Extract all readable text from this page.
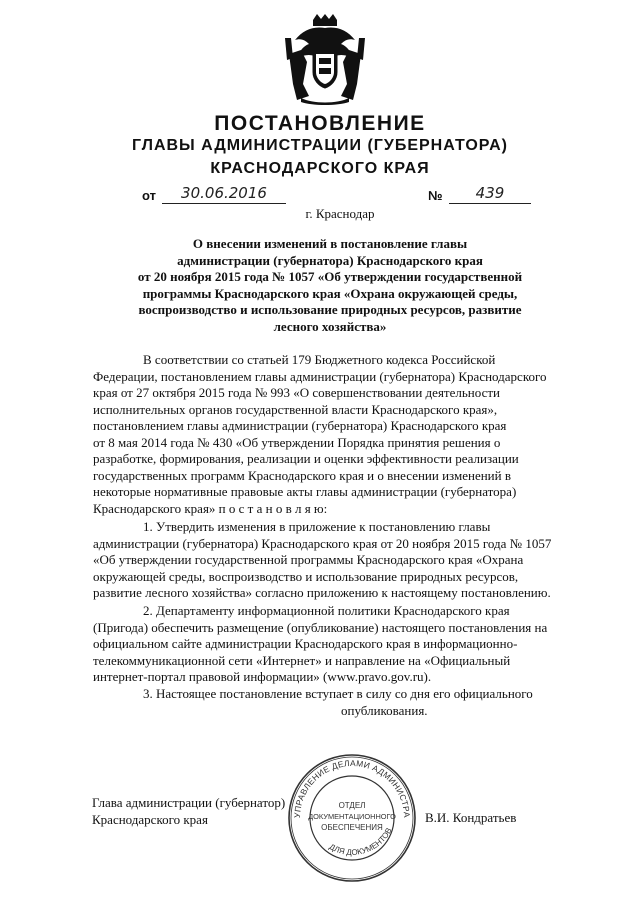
ПОСТАНОВЛЕНИЕ
ГЛАВЫ АДМИНИСТРАЦИИ (ГУБЕРНАТОРА)
КРАСНОДАРСКОГО КРАЯ
от	30.06.2016	№	439
г. Краснодар
О внесении изменений в постановление главы
администрации (губернатора) Краснодарского края
от 20 ноября 2015 года № 1057 «Об утверждении государственной
программы Краснодарского края «Охрана окружающей среды,
воспроизводство и использование природных ресурсов, развитие
лесного хозяйства»
В соответствии со статьей 179 Бюджетного кодекса Российской
Федерации, постановлением главы администрации (губернатора) Краснодарского
края от 27 октября 2015 года № 993 «О совершенствовании деятельности
исполнительных органов государственной власти Краснодарского края»,
постановлением главы администрации (губернатора) Краснодарского края
от 8 мая 2014 года № 430 «Об утверждении Порядка принятия решения о
разработке, формирования, реализации и оценки эффективности реализации
государственных программ Краснодарского края и о внесении изменений в
некоторые нормативные правовые акты главы администрации (губернатора)
Краснодарского края» п о с т а н о в л я ю:
1. Утвердить изменения в приложение к постановлению главы
администрации (губернатора) Краснодарского края от 20 ноября 2015 года № 1057
«Об утверждении государственной программы Краснодарского края «Охрана
окружающей среды, воспроизводство и использование природных ресурсов,
развитие лесного хозяйства» согласно приложению к настоящему постановлению.
2. Департаменту информационной политики Краснодарского края
(Пригода) обеспечить размещение (опубликование) настоящего постановления на
официальном сайте администрации Краснодарского края в информационно-
телекоммуникационной сети «Интернет» и направление на «Официальный
интернет-портал правовой информации» (www.pravo.gov.ru).
3. Настоящее постановление вступает в силу со дня его официального
опубликования.
Глава администрации (губернатор)
Краснодарского края	В.И. Кондратьев
УПРАВЛЕНИЕ ДЕЛАМИ АДМИНИСТРА
ДЛЯ ДОКУМЕНТОВ
ОТДЕЛ
ДОКУМЕНТАЦИОННОГО
ОБЕСПЕЧЕНИЯ
